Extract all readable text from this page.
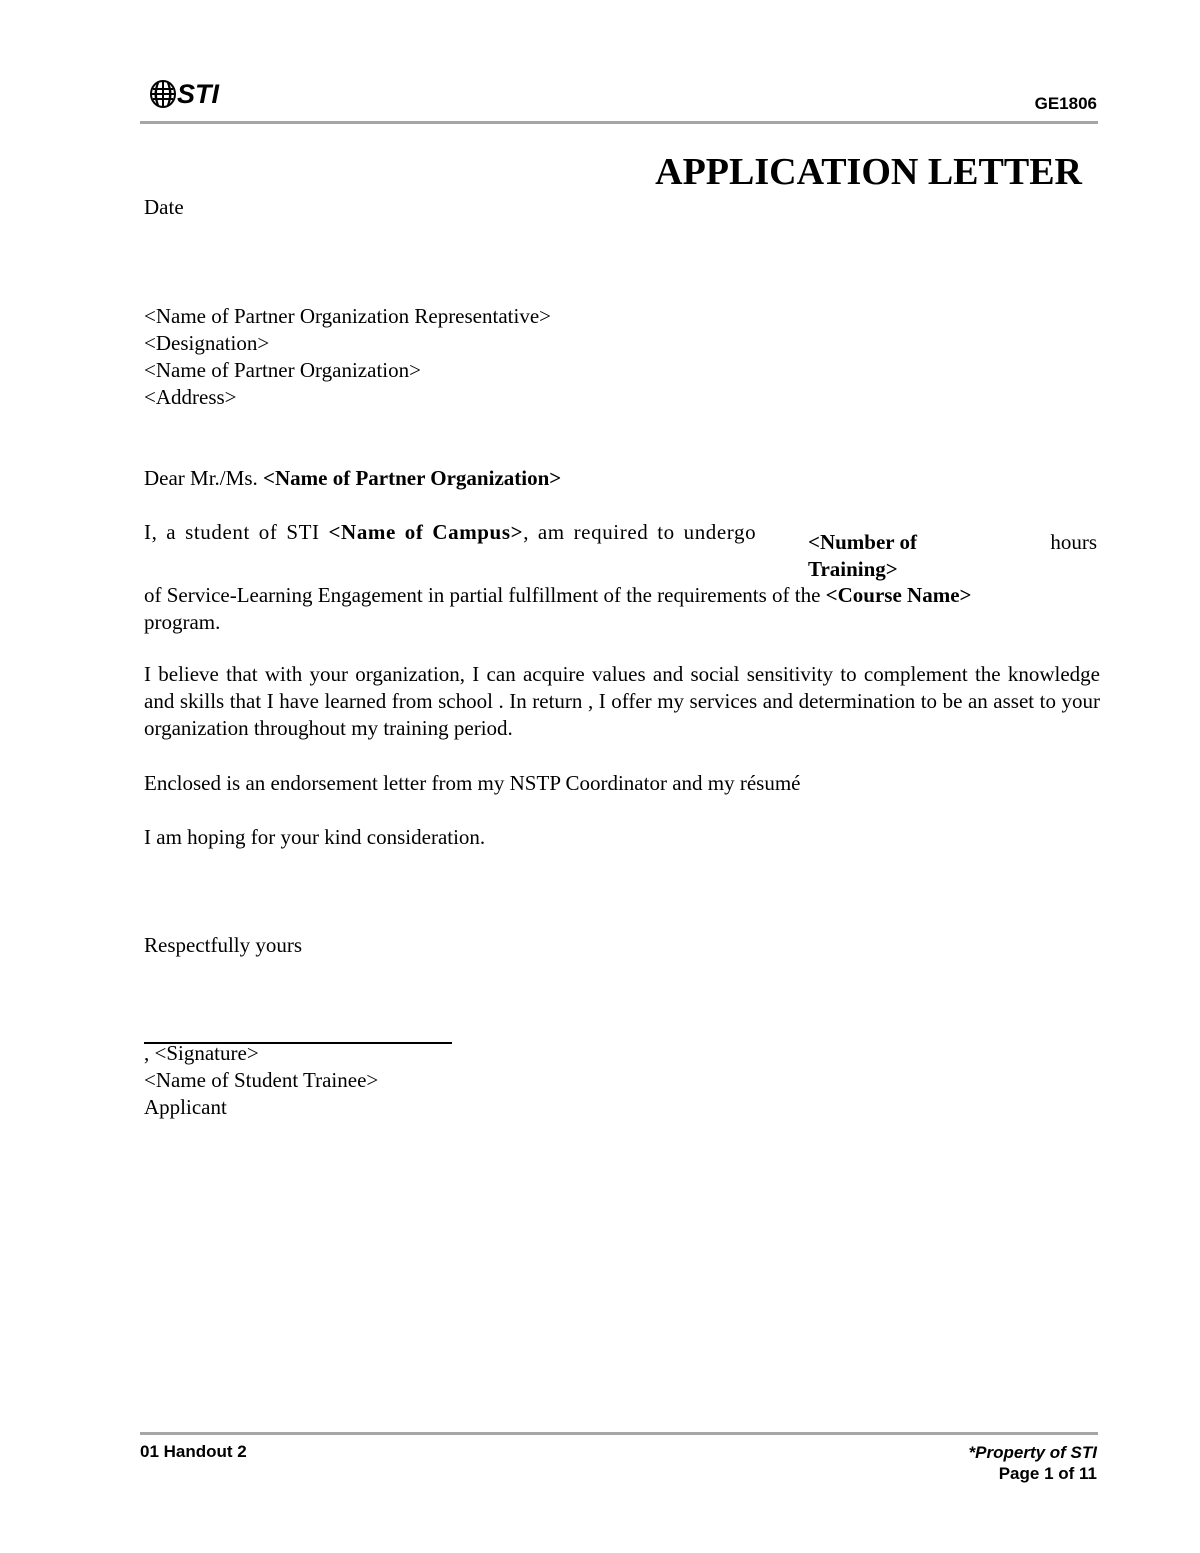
STI	GE1806
APPLICATION LETTER
Date
<Name of Partner Organization Representative>
<Designation>
<Name of Partner Organization>
<Address>
Dear Mr./Ms. <Name of Partner Organization>
I, a student of STI <Name of Campus>, am required to undergo <Number of
Training>
hours
of Service-Learning Engagement in partial fulfillment of the requirements of the <Course Name>
program.
I believe that with your organization, I can acquire values and social sensitivity to complement the knowledge and skills that I have learned from school . In return , I offer my services and determination to be an asset to your organization throughout my training period.
Enclosed is an endorsement letter from my NSTP Coordinator and my résumé
I am hoping for your kind consideration.
Respectfully yours
, <Signature>
<Name of Student Trainee>
Applicant
01 Handout 2	*Property of STI
Page 1 of 11
